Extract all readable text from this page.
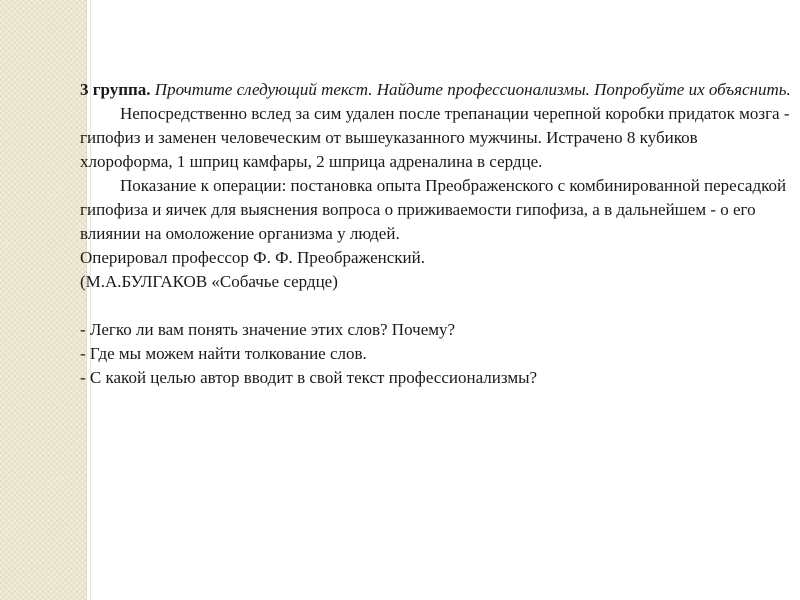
3 группа. Прочтите следующий текст. Найдите профессионализмы. Попробуйте их объяснить.

Непосредственно вслед за сим удален после трепанации черепной коробки придаток мозга - гипофиз и заменен человеческим от вышеуказанного мужчины. Истрачено 8 кубиков хлороформа, 1 шприц камфары, 2 шприца адреналина в сердце.

Показание к операции: постановка опыта Преображенского с комбинированной пересадкой гипофиза и яичек для выяснения вопроса о приживаемости гипофиза, а в дальнейшем - о его влиянии на омоложение организма у людей.

Оперировал профессор Ф. Ф. Преображенский.

(М.А.БУЛГАКОВ «Собачье сердце)

- Легко ли вам понять значение этих слов? Почему?

- Где мы можем найти толкование слов.

- С какой целью автор вводит в свой текст профессионализмы?
